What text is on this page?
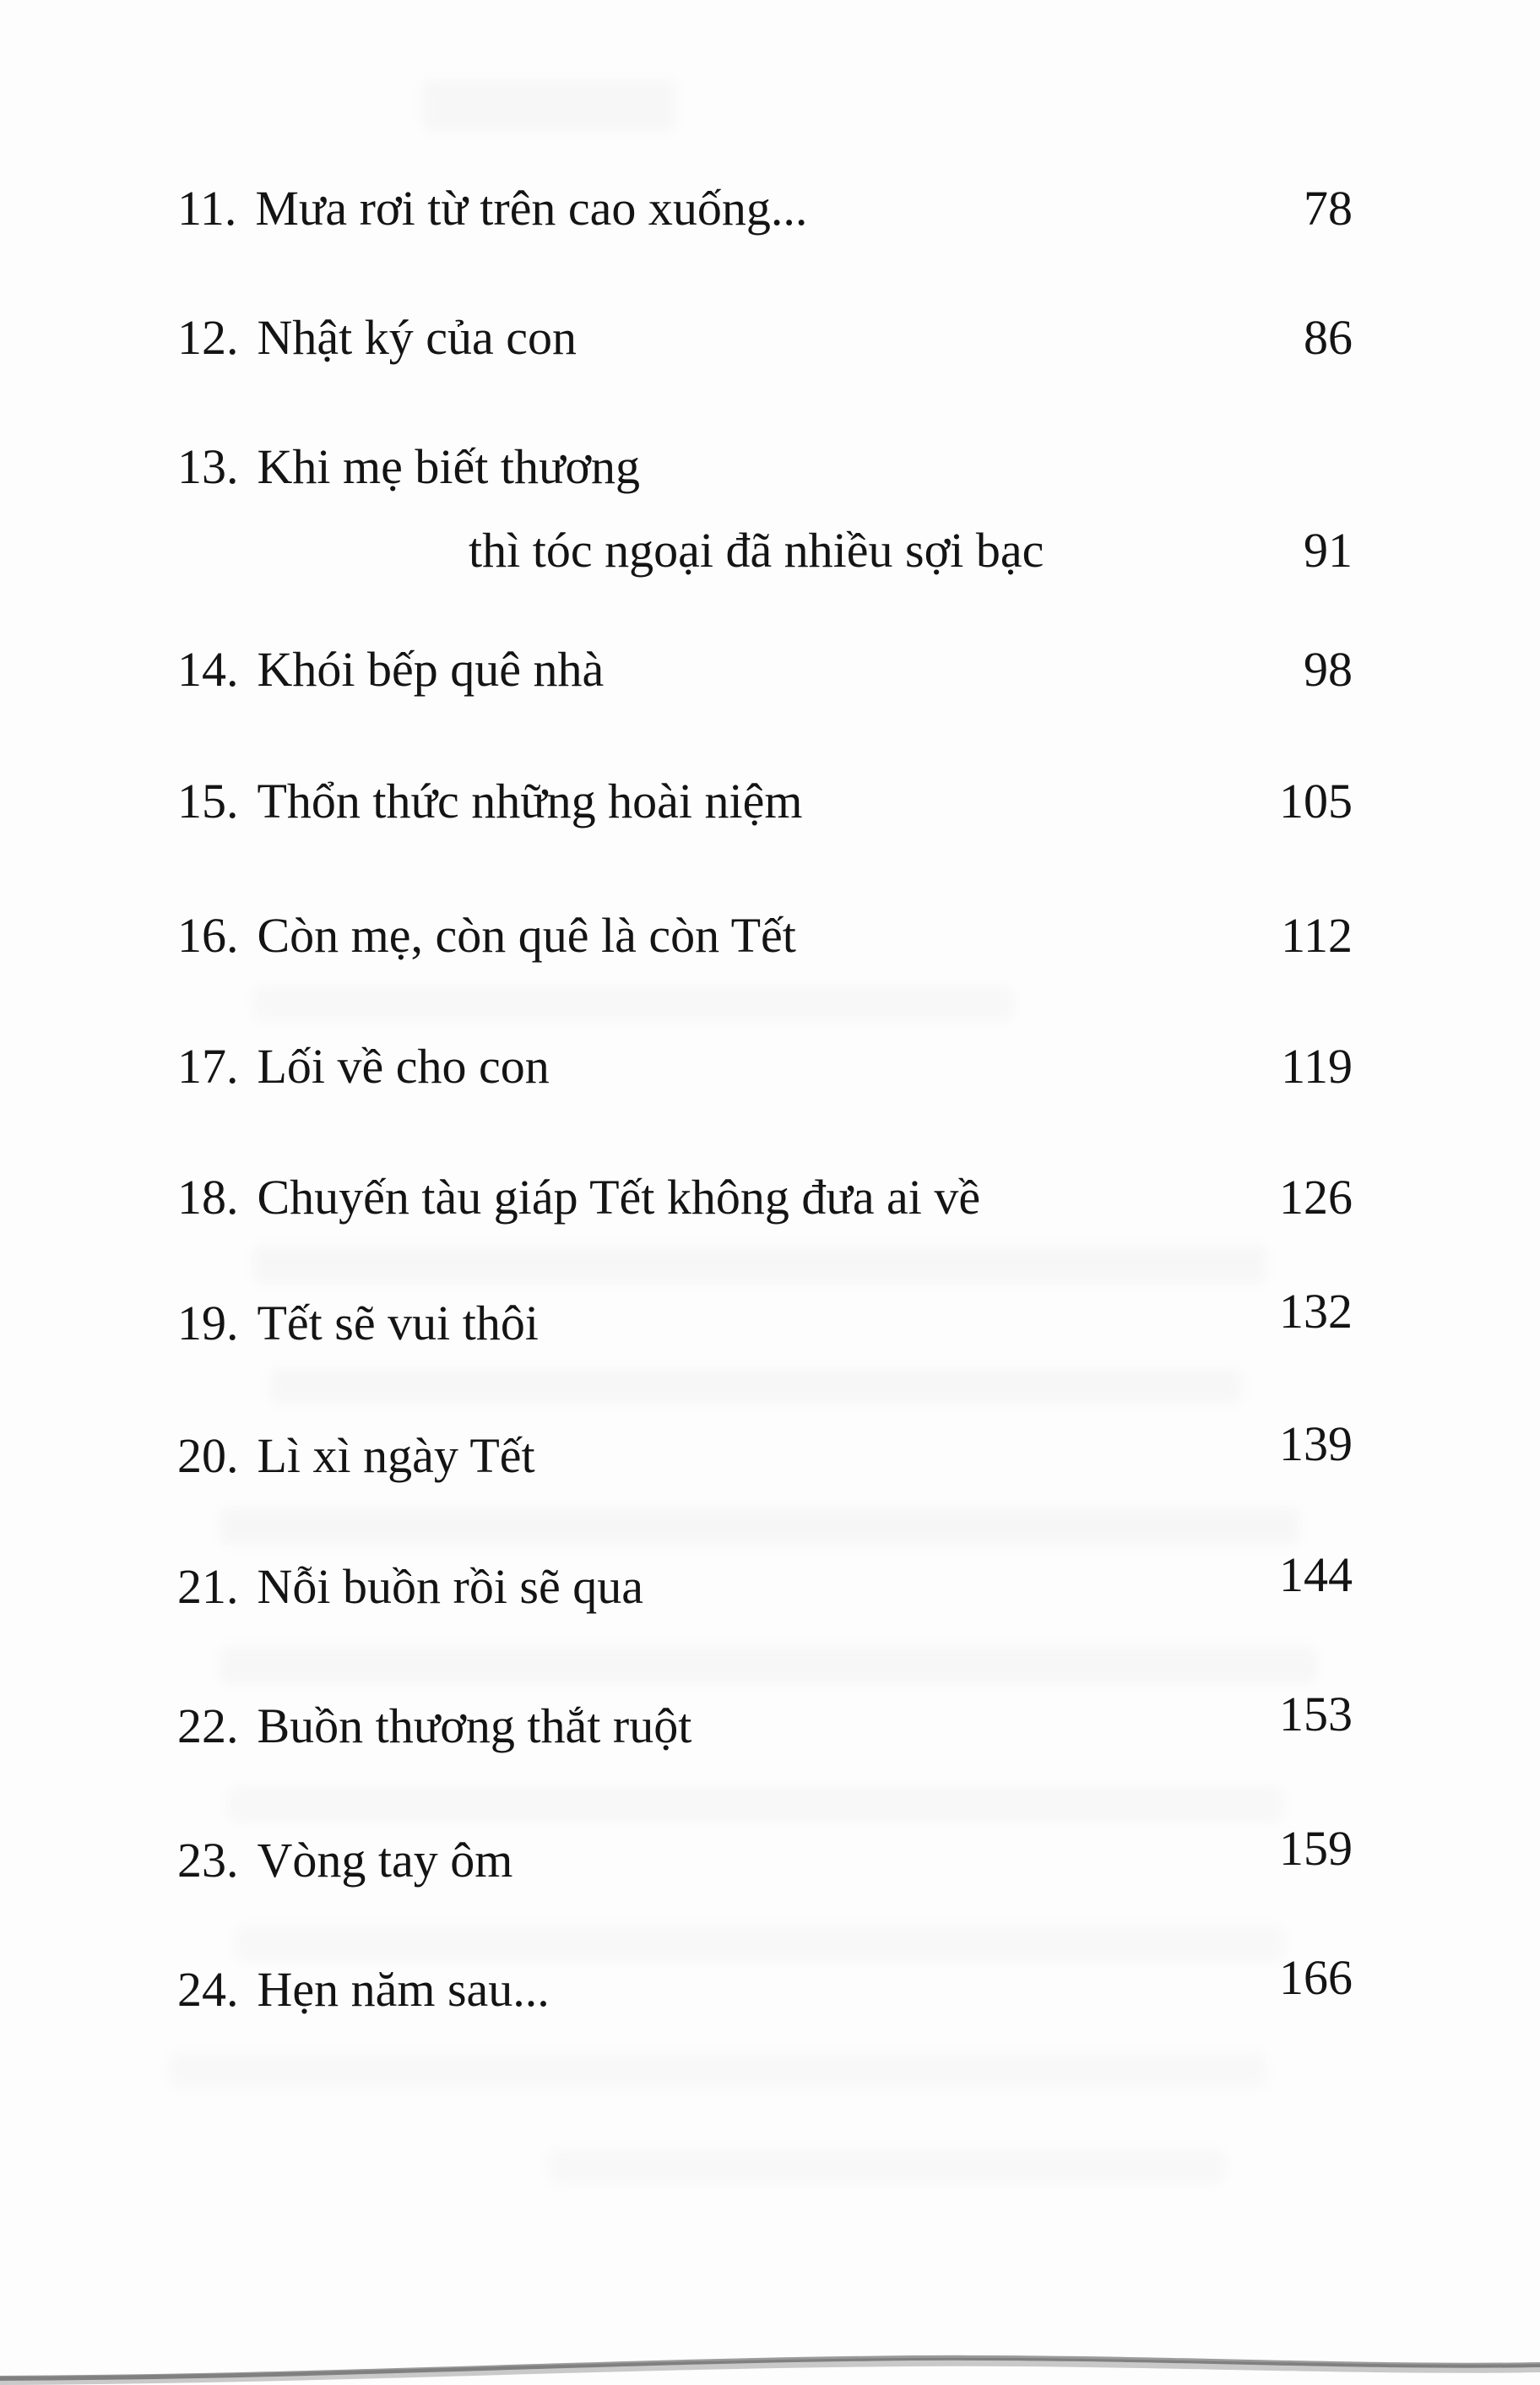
11. Mưa rơi từ trên cao xuống...	78
12. Nhật ký của con	86
13. Khi mẹ biết thương
thì tóc ngoại đã nhiều sợi bạc	91
14. Khói bếp quê nhà	98
15. Thổn thức những hoài niệm	105
16. Còn mẹ, còn quê là còn Tết	112
17. Lối về cho con	119
18. Chuyến tàu giáp Tết không đưa ai về	126
19. Tết sẽ vui thôi	132
20. Lì xì ngày Tết	139
21. Nỗi buồn rồi sẽ qua	144
22. Buồn thương thắt ruột	153
23. Vòng tay ôm	159
24. Hẹn năm sau...	166
